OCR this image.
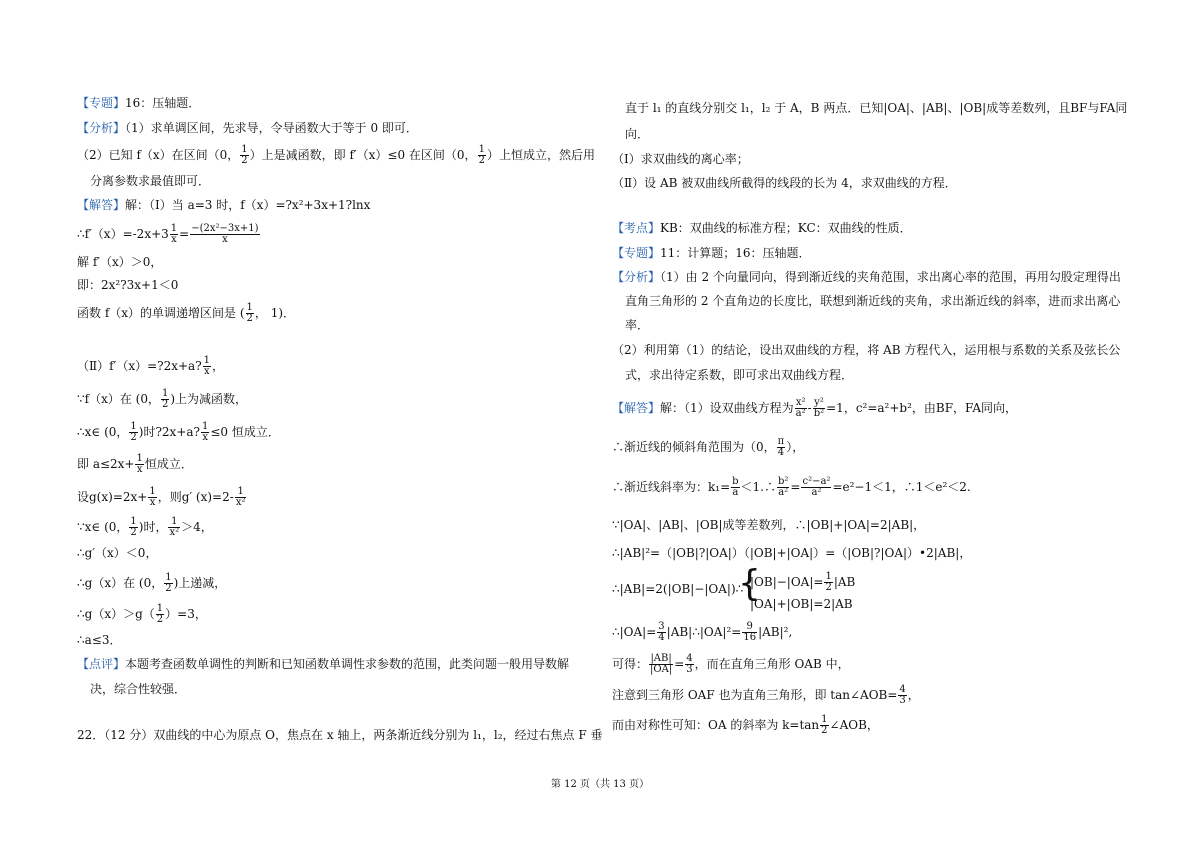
【专题】16：压轴题．
【分析】（1）求单调区间，先求导，令导函数大于等于 0 即可．
（2）已知 f（x）在区间（0， $\frac{1}{2}$ ）上是减函数，即 f′（x）≤0 在区间（0， $\frac{1}{2}$ ）上恒成立，然后用
分离参数求最值即可．
【解答】解：（Ⅰ）当 a=3 时，f（x）=?x²+3x+1?lnx
∴f′（x）=-2x+3 $\frac{1}{x} = \frac{\text{−(2x²−3x+1)}}{x}$
解 f′（x）＞0，
即：2x²?3x+1＜0
函数 f（x）的单调递增区间是 ( $\frac{1}{2}$ ， 1)．
（Ⅱ）f′（x）=?2x+a? $\frac{1}{x}$ ，
∵f（x）在 (0， $\frac{1}{2}$ )上为减函数，
∴x∈ (0， $\frac{1}{2}$ )时?2x+a? $\frac{1}{x} \le 0$ 恒成立．
即 $a\le 2x+ \frac{1}{x}$ 恒成立．
设$g(x)=2x+ \frac{1}{x}$ ，则g′ $(x)=2- \frac{1}{\text{x²}}$
∵x∈ (0， $\frac{1}{2}$ )时， $\frac{1}{\text{x²}} >4$，
∴g′（x）＜0，
∴g（x）在 (0， $\frac{1}{2}$ )上递减，
∴g（x）＞g（ $\frac{1}{2} )=3$，
∴a≤3．
【点评】本题考查函数单调性的判断和已知函数单调性求参数的范围，此类问题一般用导数解
决，综合性较强．
22．（12 分）双曲线的中心为原点 O，焦点在 x 轴上，两条渐近线分别为 l₁，l₂，经过右焦点 F 垂
直于 l₁ 的直线分别交 l₁，l₂ 于 A，B 两点．已知|OA|、|AB|、|OB|成等差数列，且BF与FA同
向．
（Ⅰ）求双曲线的离心率；
（Ⅱ）设 AB 被双曲线所截得的线段的长为 4，求双曲线的方程．
【考点】KB：双曲线的标准方程；KC：双曲线的性质．
【专题】11：计算题；16：压轴题．
【分析】（1）由 2 个向量同向，得到渐近线的夹角范围，求出离心率的范围，再用勾股定理得出
直角三角形的 2 个直角边的长度比，联想到渐近线的夹角，求出渐近线的斜率，进而求出离心
率．
（2）利用第（1）的结论，设出双曲线的方程，将 AB 方程代入，运用根与系数的关系及弦长公
式，求出待定系数，即可求出双曲线方程．
【解答】解：（1）设双曲线方程为 $\frac{\text{x²}}{\text{a²}} - \frac{\text{y²}}{\text{b²}} =1$，c²=a²+b²，由BF，FA同向，
∴渐近线的倾斜角范围为（0， $\frac{\pi}{4}$ ），
∴渐近线斜率为：$k_1= \frac{b}{a}$ ＜1.∴ $\frac{\text{b²}}{\text{a²}} = \frac{\text{c²−a²}}{\text{a²}} =e^2-1<1$，∴1＜e²＜2.
∵|OA|、|AB|、|OB|成等差数列，∴|OB|+|OA|=2|AB|，
∴|AB|²=（|OB|?|OA|）（|OB|+|OA|）=（|OB|?|OA|）•2|AB|，
∴|AB|=2(|OB|−|OA|)∴
{
$|OB|-|OA|= \frac{1}{2} |AB$
|OA|+|OB|=2|AB
∴|OA|= $\frac{3}{4}$ |AB|∴|OA|²= $\frac{9}{16} |AB|^2$,
可得： $\frac{|AB|}{|OA|} = \frac{4}{3}$ ，而在直角三角形 OAB 中，
注意到三角形 OAF 也为直角三角形，即 tan∠AOB= $\frac{4}{3}$ ，
而由对称性可知：OA 的斜率为 $k=\tan \frac{1}{2}$ ∠AOB，
第 12 页（共 13 页）
